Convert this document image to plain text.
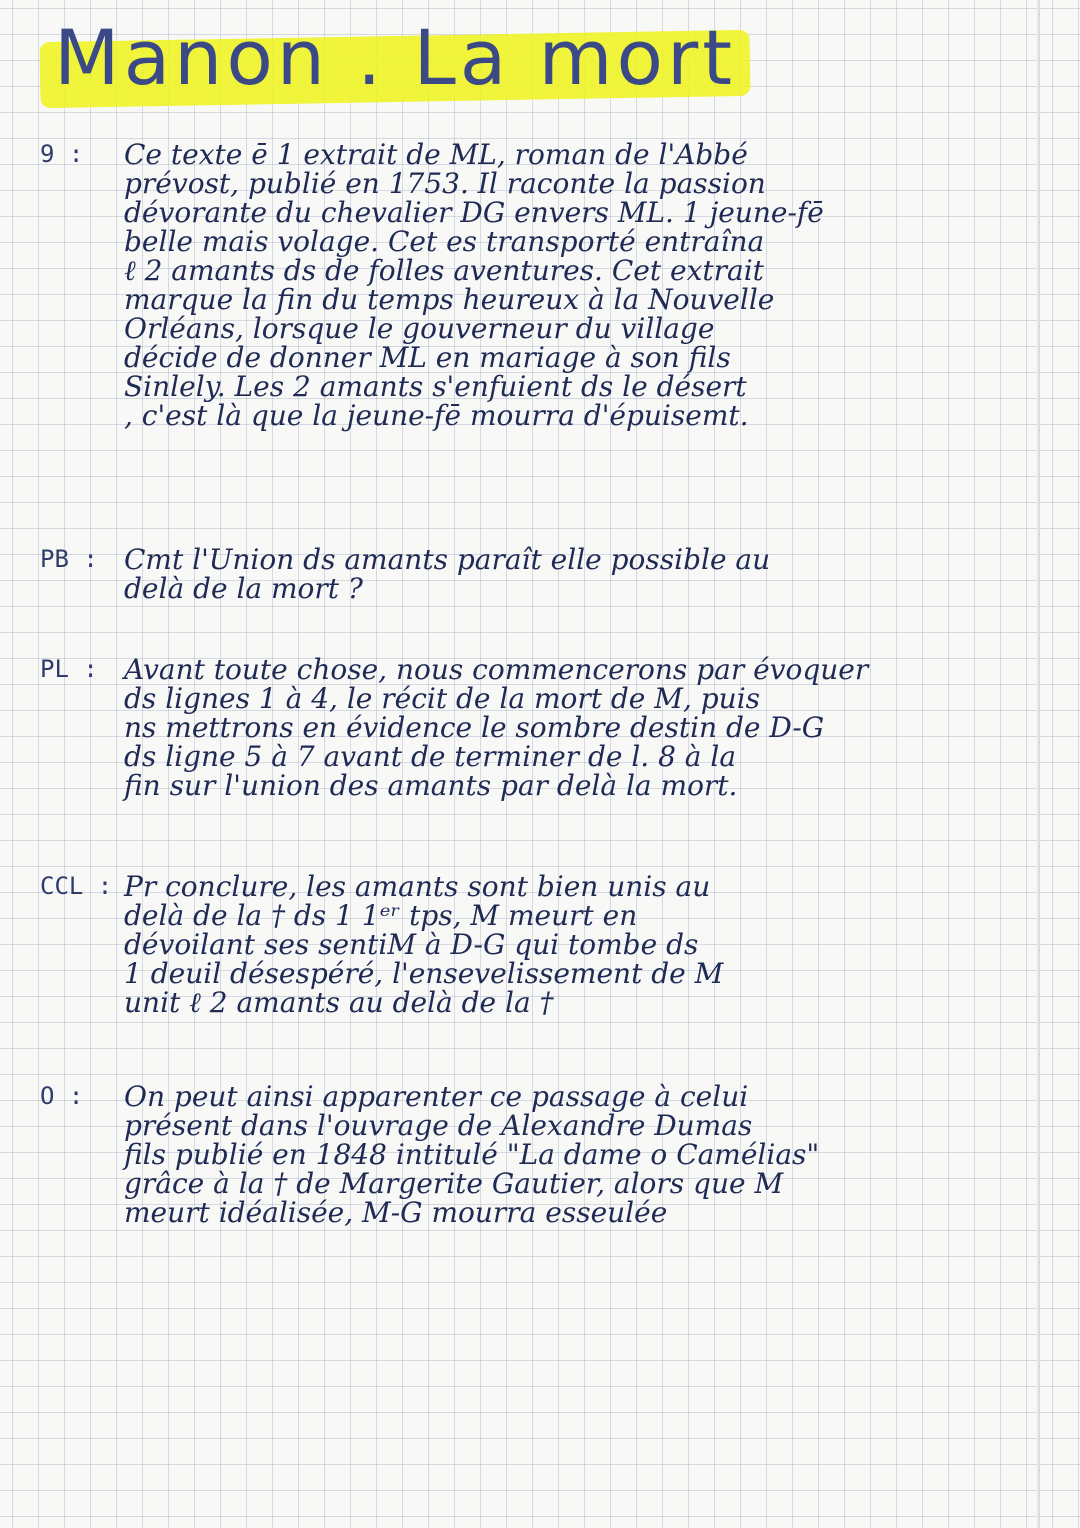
Manon . La mort
9 : Ce texte ē 1 extrait de ML, roman de l'Abbé
prévost, publié en 1753. Il raconte la passion
dévorante du chevalier DG envers ML. 1 jeune-fē
belle mais volage. Cet es transporté entraîna
ℓ 2 amants ds de folles aventures. Cet extrait
marque la fin du temps heureux à la Nouvelle
Orléans, lorsque le gouverneur du village
décide de donner ML en mariage à son fils
Sinlely. Les 2 amants s'enfuient ds le désert
, c'est là que la jeune-fē mourra d'épuisemt.
PB : Cmt l'Union ds amants paraît elle possible au
delà de la mort ?
PL : Avant toute chose, nous commencerons par évoquer
ds lignes 1 à 4, le récit de la mort de M, puis
ns mettrons en évidence le sombre destin de D-G
ds ligne 5 à 7 avant de terminer de l. 8 à la
fin sur l'union des amants par delà la mort.
CCL : Pr conclure, les amants sont bien unis au
delà de la † ds 1 1ᵉʳ tps, M meurt en
dévoilant ses sentiM à D-G qui tombe ds
1 deuil désespéré, l'ensevelissement de M
unit ℓ 2 amants au delà de la †
O : On peut ainsi apparenter ce passage à celui
présent dans l'ouvrage de Alexandre Dumas
fils publié en 1848 intitulé "La dame o Camélias"
grâce à la † de Margerite Gautier, alors que M
meurt idéalisée, M-G mourra esseulée
